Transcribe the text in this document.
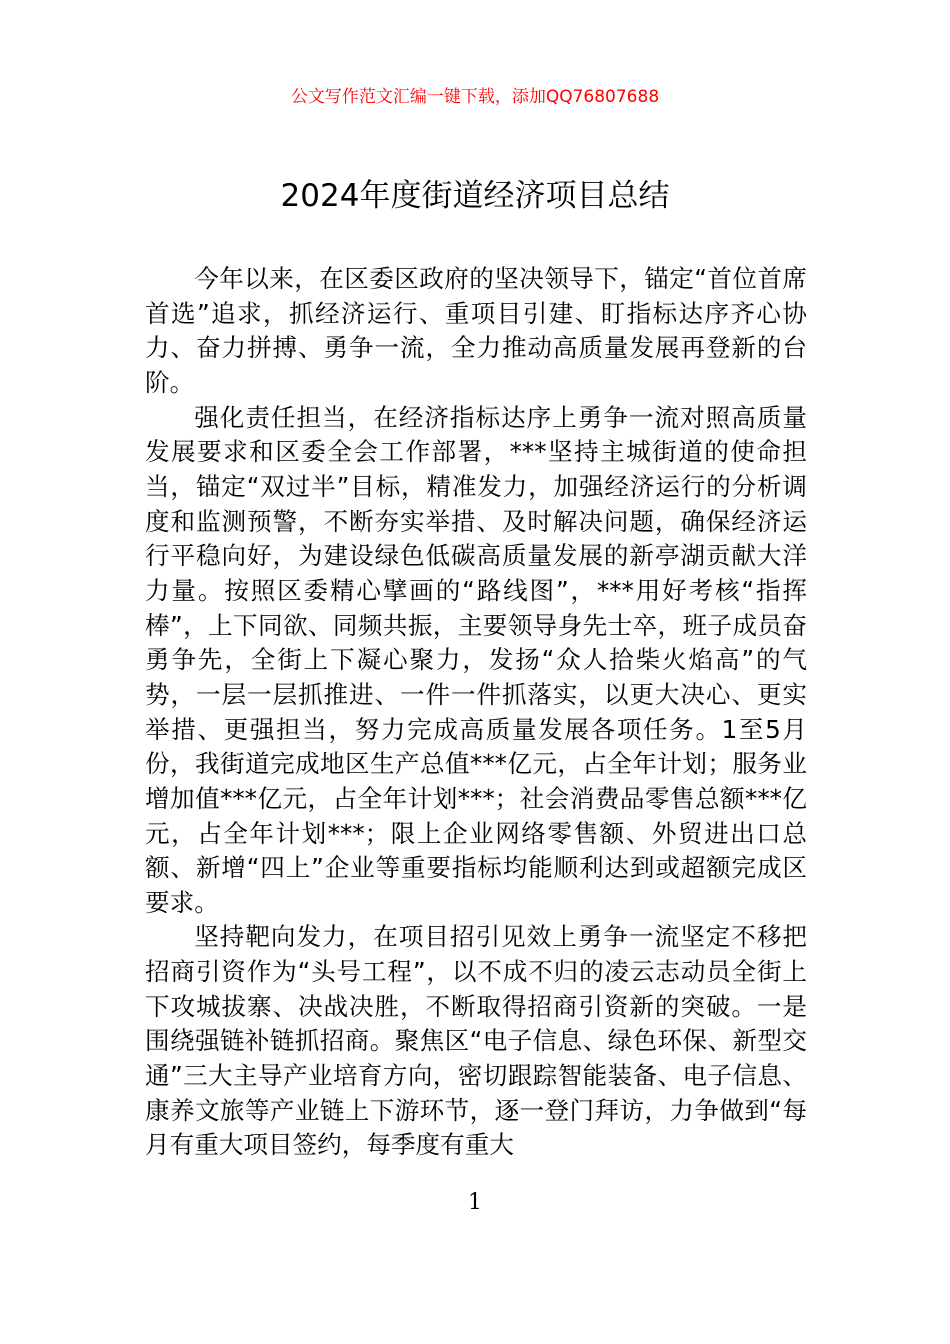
公文写作范文汇编一键下载，添加QQ76807688
2024年度街道经济项目总结

今年以来，在区委区政府的坚决领导下，锚定“首位首席首选”追求，抓经济运行、重项目引建、盯指标达序齐心协力、奋力拼搏、勇争一流，全力推动高质量发展再登新的台阶。

强化责任担当，在经济指标达序上勇争一流对照高质量发展要求和区委全会工作部署，***坚持主城街道的使命担当，锚定“双过半”目标，精准发力，加强经济运行的分析调度和监测预警，不断夯实举措、及时解决问题，确保经济运行平稳向好，为建设绿色低碳高质量发展的新亭湖贡献大洋力量。按照区委精心擘画的“路线图”，***用好考核“指挥棒”，上下同欲、同频共振，主要领导身先士卒，班子成员奋勇争先，全街上下凝心聚力，发扬“众人拾柴火焰高”的气势，一层一层抓推进、一件一件抓落实，以更大决心、更实举措、更强担当，努力完成高质量发展各项任务。1至5月份，我街道完成地区生产总值***亿元，占全年计划；服务业增加值***亿元，占全年计划***；社会消费品零售总额***亿元，占全年计划***；限上企业网络零售额、外贸进出口总额、新增“四上”企业等重要指标均能顺利达到或超额完成区要求。

坚持靶向发力，在项目招引见效上勇争一流坚定不移把招商引资作为“头号工程”，以不成不归的凌云志动员全街上下攻城拔寨、决战决胜，不断取得招商引资新的突破。一是围绕强链补链抓招商。聚焦区“电子信息、绿色环保、新型交通”三大主导产业培育方向，密切跟踪智能装备、电子信息、康养文旅等产业链上下游环节，逐一登门拜访，力争做到“每月有重大项目签约，每季度有重大

1
